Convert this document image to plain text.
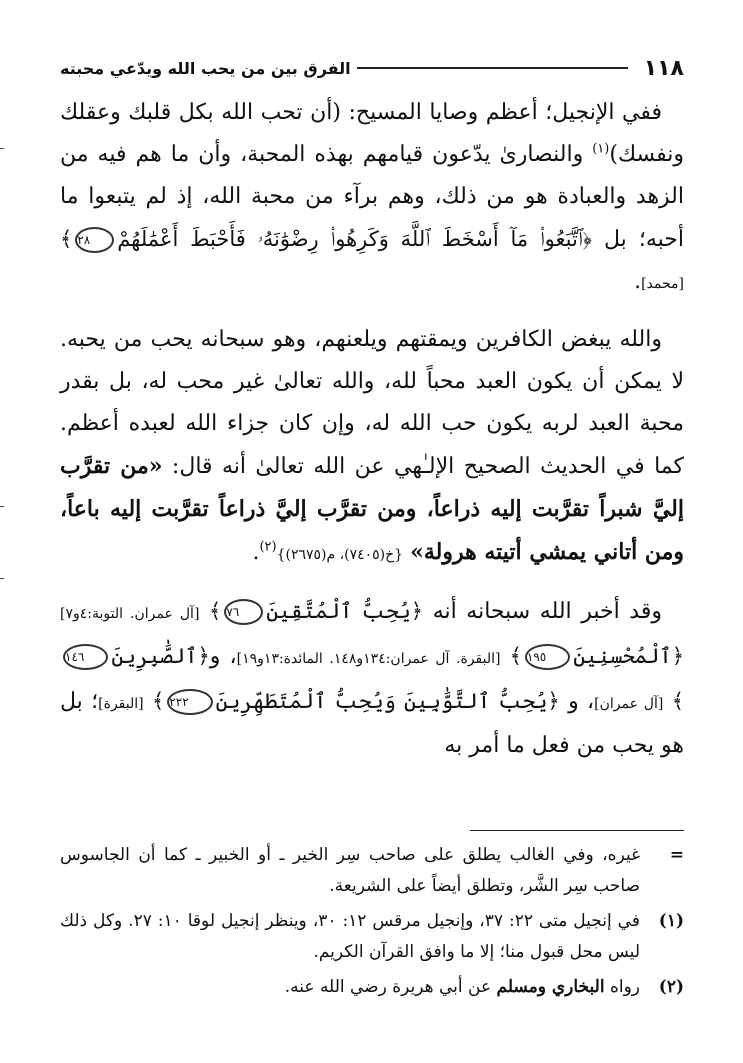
١١٨
الفرق بين من يحب الله ويدّعي محبته

ففي الإنجيل؛ أعظم وصايا المسيح: (أن تحب الله بكل قلبك وعقلك ونفسك)$^{(١)}$ والنصارىٰ يدّعون قيامهم بهذه المحبة، وأن ما هم فيه من الزهد والعبادة هو من ذلك، وهم برآء من محبة الله، إذ لم يتبعوا ما أحبه؛ بل ﴿ٱتَّبَعُوا۟ مَآ أَسْخَطَ ٱللَّهَ وَكَرِهُوا۟ رِضْوَٰنَهُۥ فَأَحْبَطَ أَعْمَٰلَهُمْ٢٨﴾ [محمد].

والله يبغض الكافرين ويمقتهم ويلعنهم، وهو سبحانه يحب من يحبه. لا يمكن أن يكون العبد محباً لله، والله تعالىٰ غير محب له، بل بقدر محبة العبد لربه يكون حب الله له، وإن كان جزاء الله لعبده أعظم. كما في الحديث الصحيح الإلـٰهي عن الله تعالىٰ أنه قال: «من تقرَّب إليَّ شبراً تقرَّبت إليه ذراعاً، ومن تقرَّب إليَّ ذراعاً تقرَّبت إليه باعاً، ومن أتاني يمشي أتيته هرولة» {خ(٧٤٠٥)، م(٢٦٧٥)}$^{(٢)}$.

وقد أخبر الله سبحانه أنه ﴿يُحِبُّ ٱلْمُتَّقِينَ٧٦﴾ [آل عمران. التوبة:٤و٧] ﴿ٱلْمُحْسِنِينَ١٩٥﴾ [البقرة. آل عمران:١٣٤و١٤٨. المائدة:١٣و١٩]، و﴿ٱلصَّٰبِرِينَ١٤٦﴾ [آل عمران]، و ﴿يُحِبُّ ٱلتَّوَّٰبِينَ وَيُحِبُّ ٱلْمُتَطَهِّرِينَ٢٢٢﴾ [البقرة]؛ بل هو يحب من فعل ما أمر به

=
غيره، وفي الغالب يطلق على صاحب سِر الخير ـ أو الخبير ـ كما أن الجاسوس صاحب سِر الشَّر، وتطلق أيضاً على الشريعة.
(١)
في إنجيل متى ٢٢: ٣٧، وإنجيل مرقس ١٢: ٣٠، وينظر إنجيل لوقا ١٠: ٢٧. وكل ذلك ليس محل قبول منا؛ إلا ما وافق القرآن الكريم.
(٢)
رواه البخاري ومسلم عن أبي هريرة رضي الله عنه.
